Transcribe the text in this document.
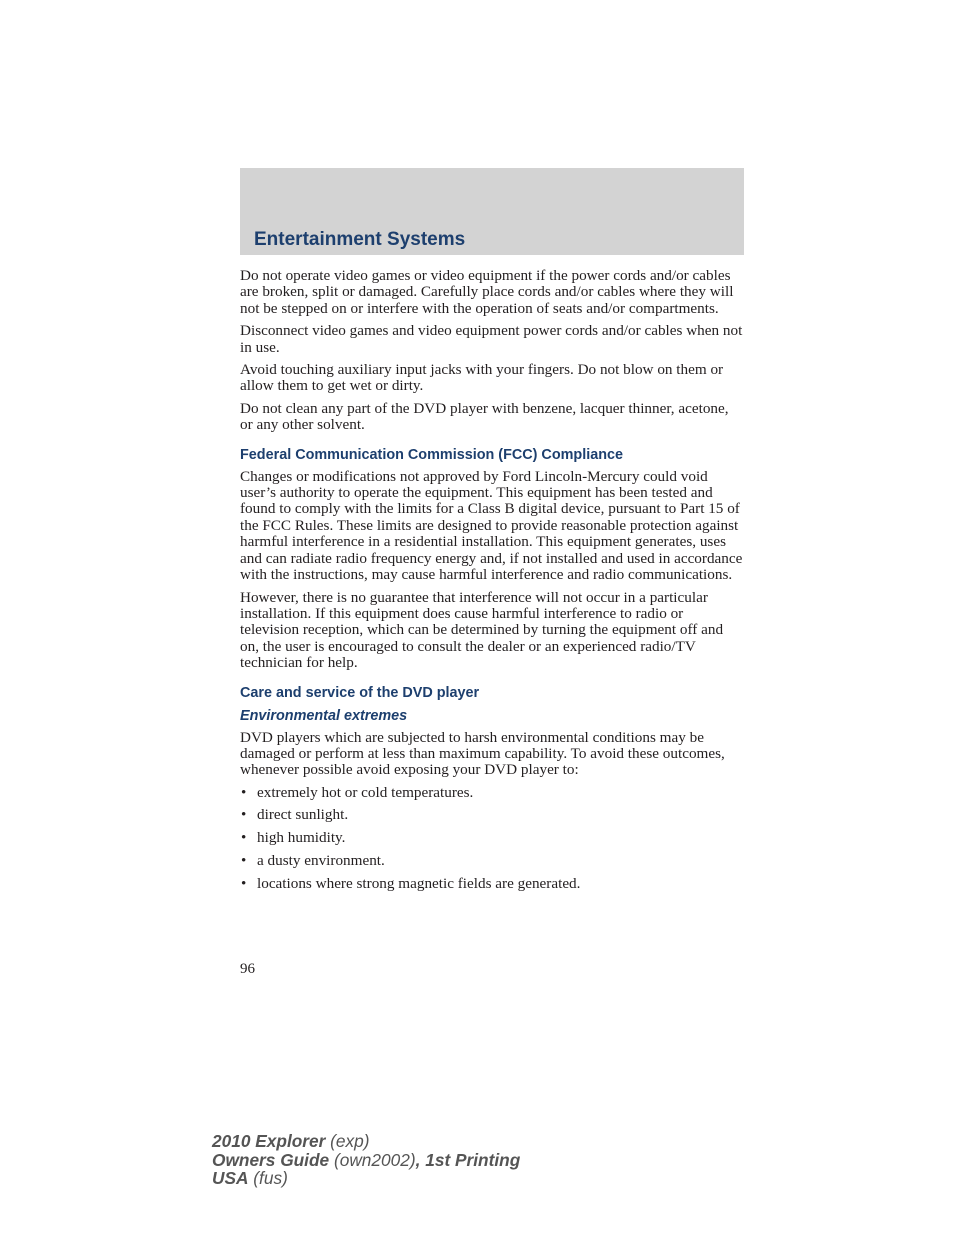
Entertainment Systems

Do not operate video games or video equipment if the power cords and/or cables are broken, split or damaged. Carefully place cords and/or cables where they will not be stepped on or interfere with the operation of seats and/or compartments.

Disconnect video games and video equipment power cords and/or cables when not in use.

Avoid touching auxiliary input jacks with your fingers. Do not blow on them or allow them to get wet or dirty.

Do not clean any part of the DVD player with benzene, lacquer thinner, acetone, or any other solvent.

Federal Communication Commission (FCC) Compliance

Changes or modifications not approved by Ford Lincoln-Mercury could void user’s authority to operate the equipment. This equipment has been tested and found to comply with the limits for a Class B digital device, pursuant to Part 15 of the FCC Rules. These limits are designed to provide reasonable protection against harmful interference in a residential installation. This equipment generates, uses and can radiate radio frequency energy and, if not installed and used in accordance with the instructions, may cause harmful interference and radio communications.

However, there is no guarantee that interference will not occur in a particular installation. If this equipment does cause harmful interference to radio or television reception, which can be determined by turning the equipment off and on, the user is encouraged to consult the dealer or an experienced radio/TV technician for help.

Care and service of the DVD player
Environmental extremes

DVD players which are subjected to harsh environmental conditions may be damaged or perform at less than maximum capability. To avoid these outcomes, whenever possible avoid exposing your DVD player to:

• extremely hot or cold temperatures.
• direct sunlight.
• high humidity.
• a dusty environment.
• locations where strong magnetic fields are generated.
96
2010 Explorer (exp)
Owners Guide (own2002), 1st Printing
USA (fus)
